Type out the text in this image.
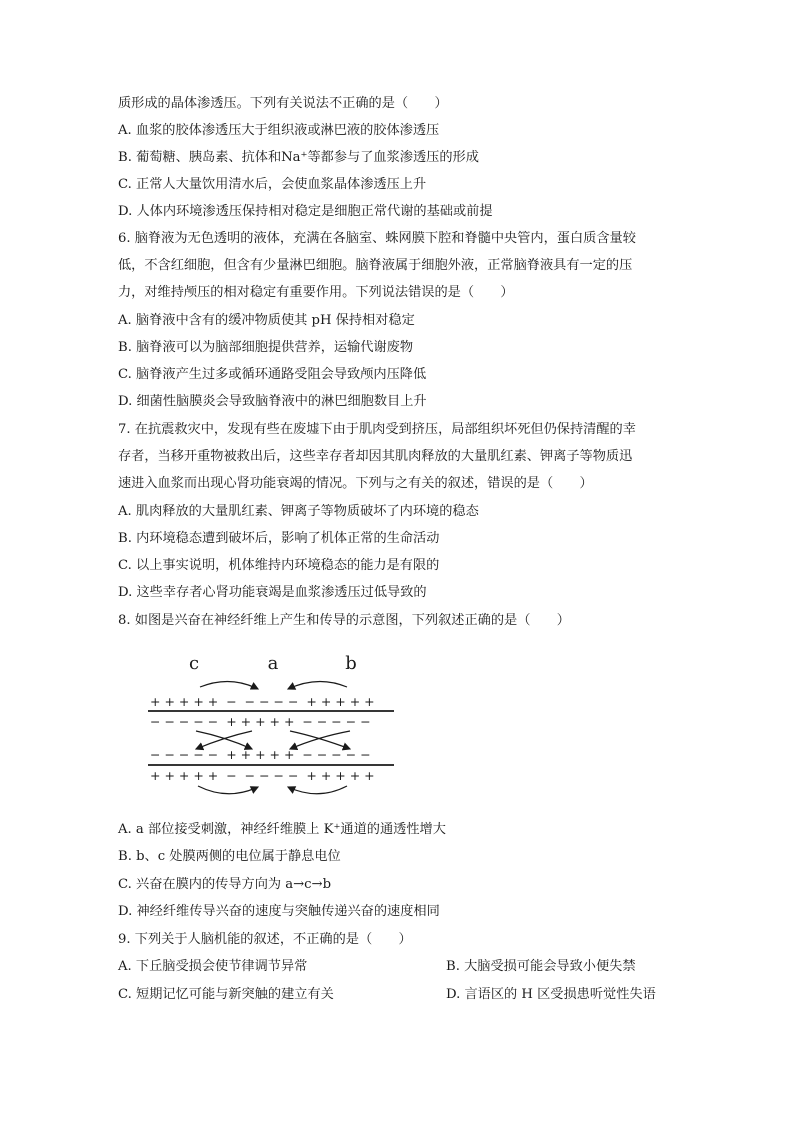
质形成的晶体渗透压。下列有关说法不正确的是（　　）
A. 血浆的胶体渗透压大于组织液或淋巴液的胶体渗透压
B. 葡萄糖、胰岛素、抗体和Na⁺等都参与了血浆渗透压的形成
C. 正常人大量饮用清水后，会使血浆晶体渗透压上升
D. 人体内环境渗透压保持相对稳定是细胞正常代谢的基础或前提
6. 脑脊液为无色透明的液体，充满在各脑室、蛛网膜下腔和脊髓中央管内，蛋白质含量较
低，不含红细胞，但含有少量淋巴细胞。脑脊液属于细胞外液，正常脑脊液具有一定的压
力，对维持颅压的相对稳定有重要作用。下列说法错误的是（　　）
A. 脑脊液中含有的缓冲物质使其 pH 保持相对稳定
B. 脑脊液可以为脑部细胞提供营养，运输代谢废物
C. 脑脊液产生过多或循环通路受阻会导致颅内压降低
D. 细菌性脑膜炎会导致脑脊液中的淋巴细胞数目上升
7. 在抗震救灾中，发现有些在废墟下由于肌肉受到挤压，局部组织坏死但仍保持清醒的幸
存者，当移开重物被救出后，这些幸存者却因其肌肉释放的大量肌红素、钾离子等物质迅
速进入血浆而出现心肾功能衰竭的情况。下列与之有关的叙述，错误的是（　　）
A. 肌肉释放的大量肌红素、钾离子等物质破坏了内环境的稳态
B. 内环境稳态遭到破坏后，影响了机体正常的生命活动
C. 以上事实说明，机体维持内环境稳态的能力是有限的
D. 这些幸存者心肾功能衰竭是血浆渗透压过低导致的
8. 如图是兴奋在神经纤维上产生和传导的示意图，下列叙述正确的是（　　）
c	a	b
+ + + + +  −  − − − −  + + + + +
− − − − −  + + + + +  − − − − −
− − − − −  + + + + +  − − − − −
+ + + + +  −  − − − −  + + + + +
A. a 部位接受刺激，神经纤维膜上 K⁺通道的通透性增大
B. b、c 处膜两侧的电位属于静息电位
C. 兴奋在膜内的传导方向为 a→c→b
D. 神经纤维传导兴奋的速度与突触传递兴奋的速度相同
9. 下列关于人脑机能的叙述，不正确的是（　　）
A. 下丘脑受损会使节律调节异常	B. 大脑受损可能会导致小便失禁
C. 短期记忆可能与新突触的建立有关	D. 言语区的 H 区受损患听觉性失语
